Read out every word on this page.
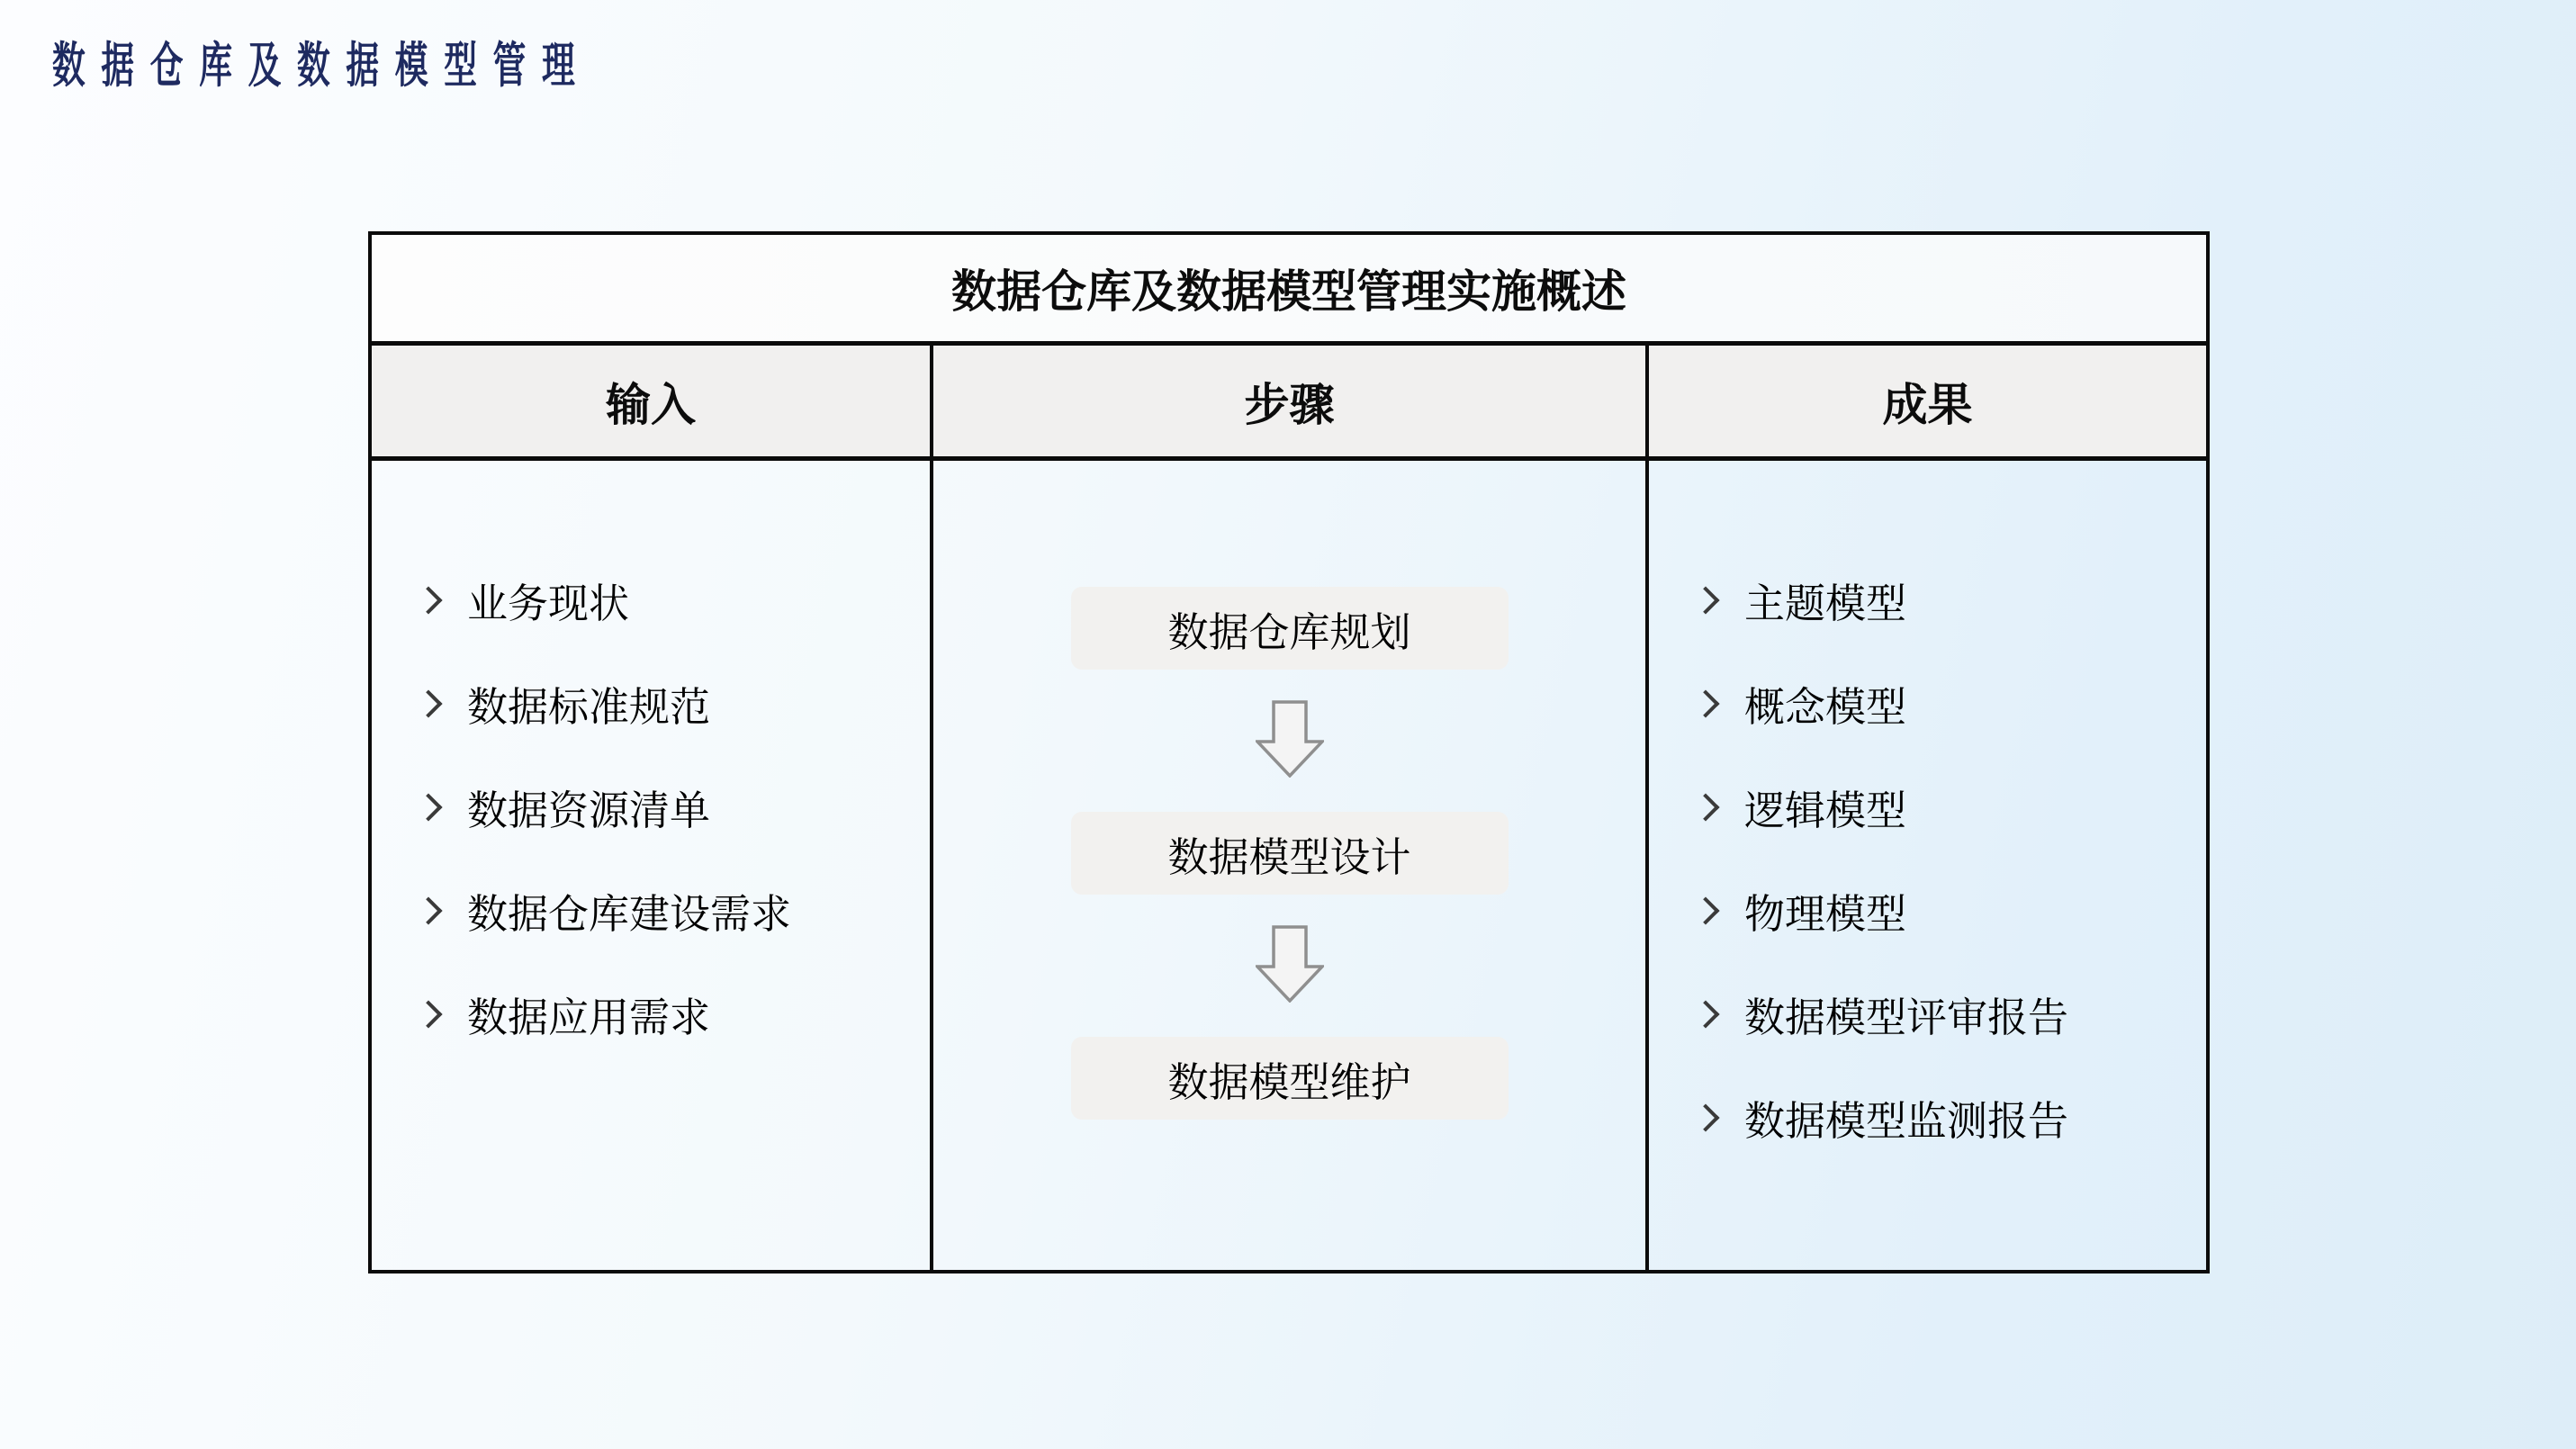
数据仓库及数据模型管理
数据仓库及数据模型管理实施概述
输入	步骤	成果
业务现状
数据标准规范
数据资源清单
数据仓库建设需求
数据应用需求
数据仓库规划
数据模型设计
数据模型维护
主题模型
概念模型
逻辑模型
物理模型
数据模型评审报告
数据模型监测报告
